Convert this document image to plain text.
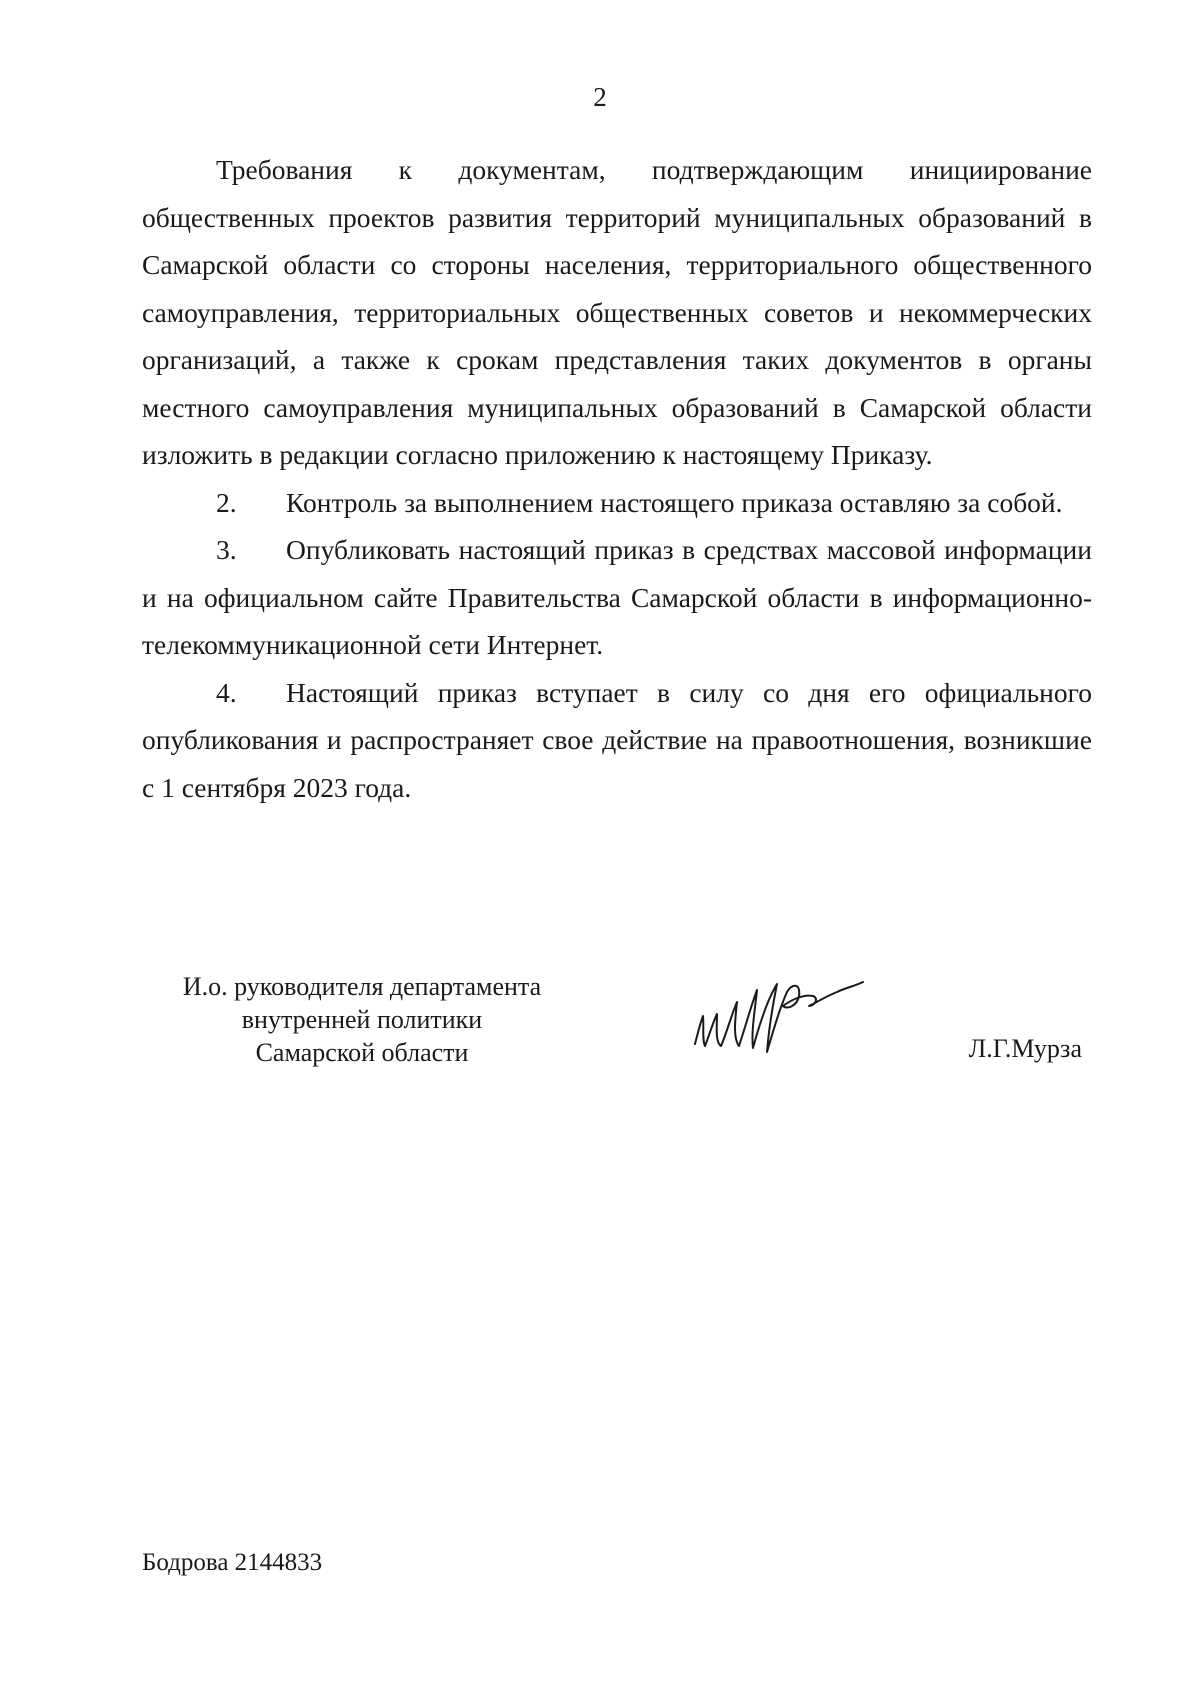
2

Требования к документам, подтверждающим инициирование общественных проектов развития территорий муниципальных образований в Самарской области со стороны населения, территориального общественного самоуправления, территориальных общественных советов и некоммерческих организаций, а также к срокам представления таких документов в органы местного самоуправления муниципальных образований в Самарской области изложить в редакции согласно приложению к настоящему Приказу.

2. Контроль за выполнением настоящего приказа оставляю за собой.

3. Опубликовать настоящий приказ в средствах массовой информации и на официальном сайте Правительства Самарской области в информационно-телекоммуникационной сети Интернет.

4. Настоящий приказ вступает в силу со дня его официального опубликования и распространяет свое действие на правоотношения, возникшие с 1 сентября 2023 года.

И.о. руководителя департамента
внутренней политики
Самарской области	Л.Г.Мурза
Бодрова 2144833
